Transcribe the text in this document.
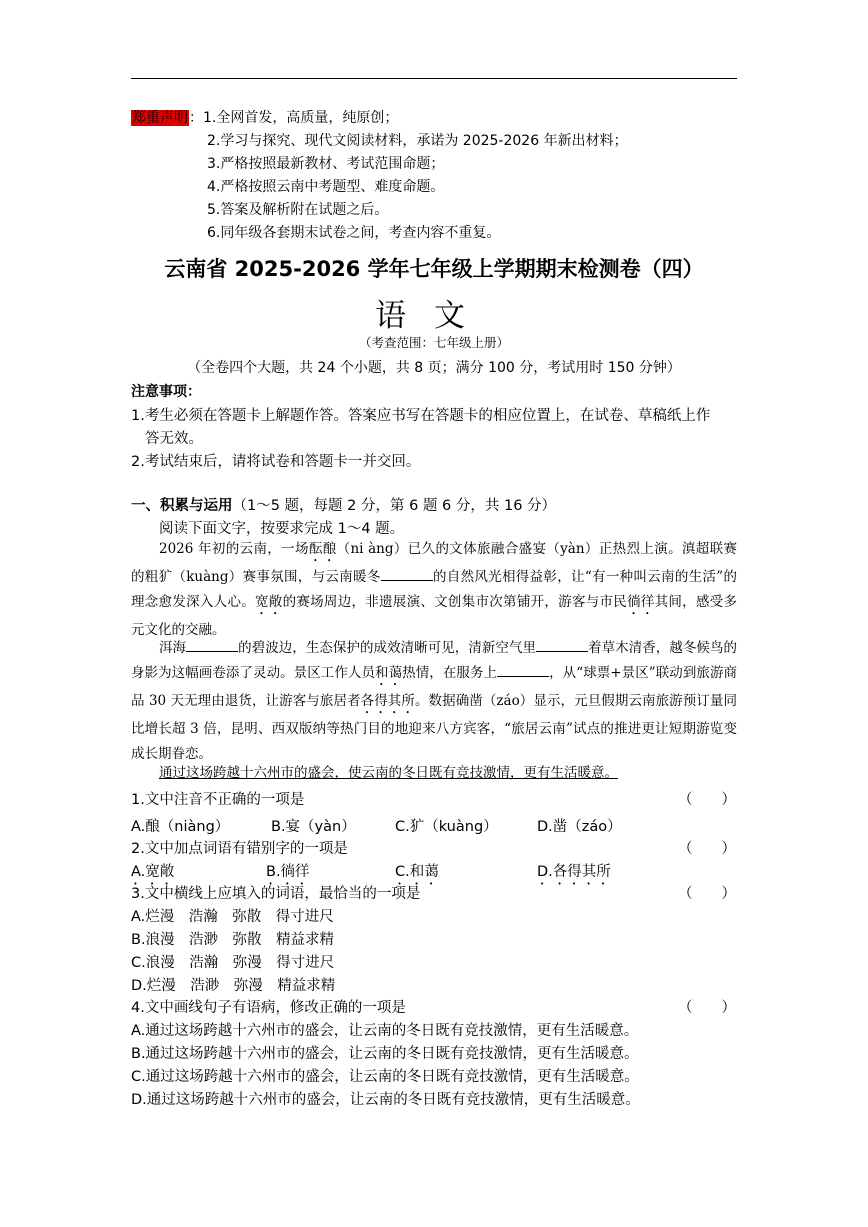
郑重声明：1.全网首发，高质量，纯原创；
2.学习与探究、现代文阅读材料，承诺为 2025-2026 年新出材料；
3.严格按照最新教材、考试范围命题；
4.严格按照云南中考题型、难度命题。
5.答案及解析附在试题之后。
6.同年级各套期末试卷之间，考查内容不重复。
云南省 2025-2026 学年七年级上学期期末检测卷（四）
语文
（考查范围：七年级上册）
（全卷四个大题，共 24 个小题，共 8 页；满分 100 分，考试用时 150 分钟）
注意事项：
1.考生必须在答题卡上解题作答。答案应书写在答题卡的相应位置上，在试卷、草稿纸上作
答无效。
2.考试结束后，请将试卷和答题卡一并交回。
一、积累与运用（1～5 题，每题 2 分，第 6 题 6 分，共 16 分）
阅读下面文字，按要求完成 1～4 题。
2026 年初的云南，一场酝酿（ni àng）已久的文体旅融合盛宴（yàn）正热烈上演。滇超联赛的粗犷（kuàng）赛事氛围，与云南暖冬	的自然风光相得益彰，让“有一种叫云南的生活”的理念愈发深入人心。宽敞的赛场周边，非遗展演、文创集市次第铺开，游客与市民徜徉其间，感受多元文化的交融。
洱海	的碧波边，生态保护的成效清晰可见，清新空气里	着草木清香，越冬候鸟的身影为这幅画卷添了灵动。景区工作人员和蔼热情，在服务上	，从“球票+景区”联动到旅游商品 30 天无理由退货，让游客与旅居者各得其所。数据确凿（záo）显示，元旦假期云南旅游预订量同比增长超 3 倍，昆明、西双版纳等热门目的地迎来八方宾客，“旅居云南”试点的推进更让短期游览变成长期眷恋。
通过这场跨越十六州市的盛会，使云南的冬日既有竞技激情，更有生活暖意。
1.文中注音不正确的一项是	（　　）
A.酿（niàng）	B.宴（yàn）	C.犷（kuàng）	D.凿（záo）
2.文中加点词语有错别字的一项是	（　　）
A.宽敞	B.徜徉	C.和蔼	D.各得其所
3.文中横线上应填入的词语，最恰当的一项是	（　　）
A.烂漫　浩瀚　弥散　得寸进尺
B.浪漫　浩渺　弥散　精益求精
C.浪漫　浩瀚　弥漫　得寸进尺
D.烂漫　浩渺　弥漫　精益求精
4.文中画线句子有语病，修改正确的一项是	（　　）
A.通过这场跨越十六州市的盛会，让云南的冬日既有竞技激情，更有生活暖意。
B.通过这场跨越十六州市的盛会，让云南的冬日既有竞技激情，更有生活暖意。
C.通过这场跨越十六州市的盛会，让云南的冬日既有竞技激情，更有生活暖意。
D.通过这场跨越十六州市的盛会，让云南的冬日既有竞技激情，更有生活暖意。
